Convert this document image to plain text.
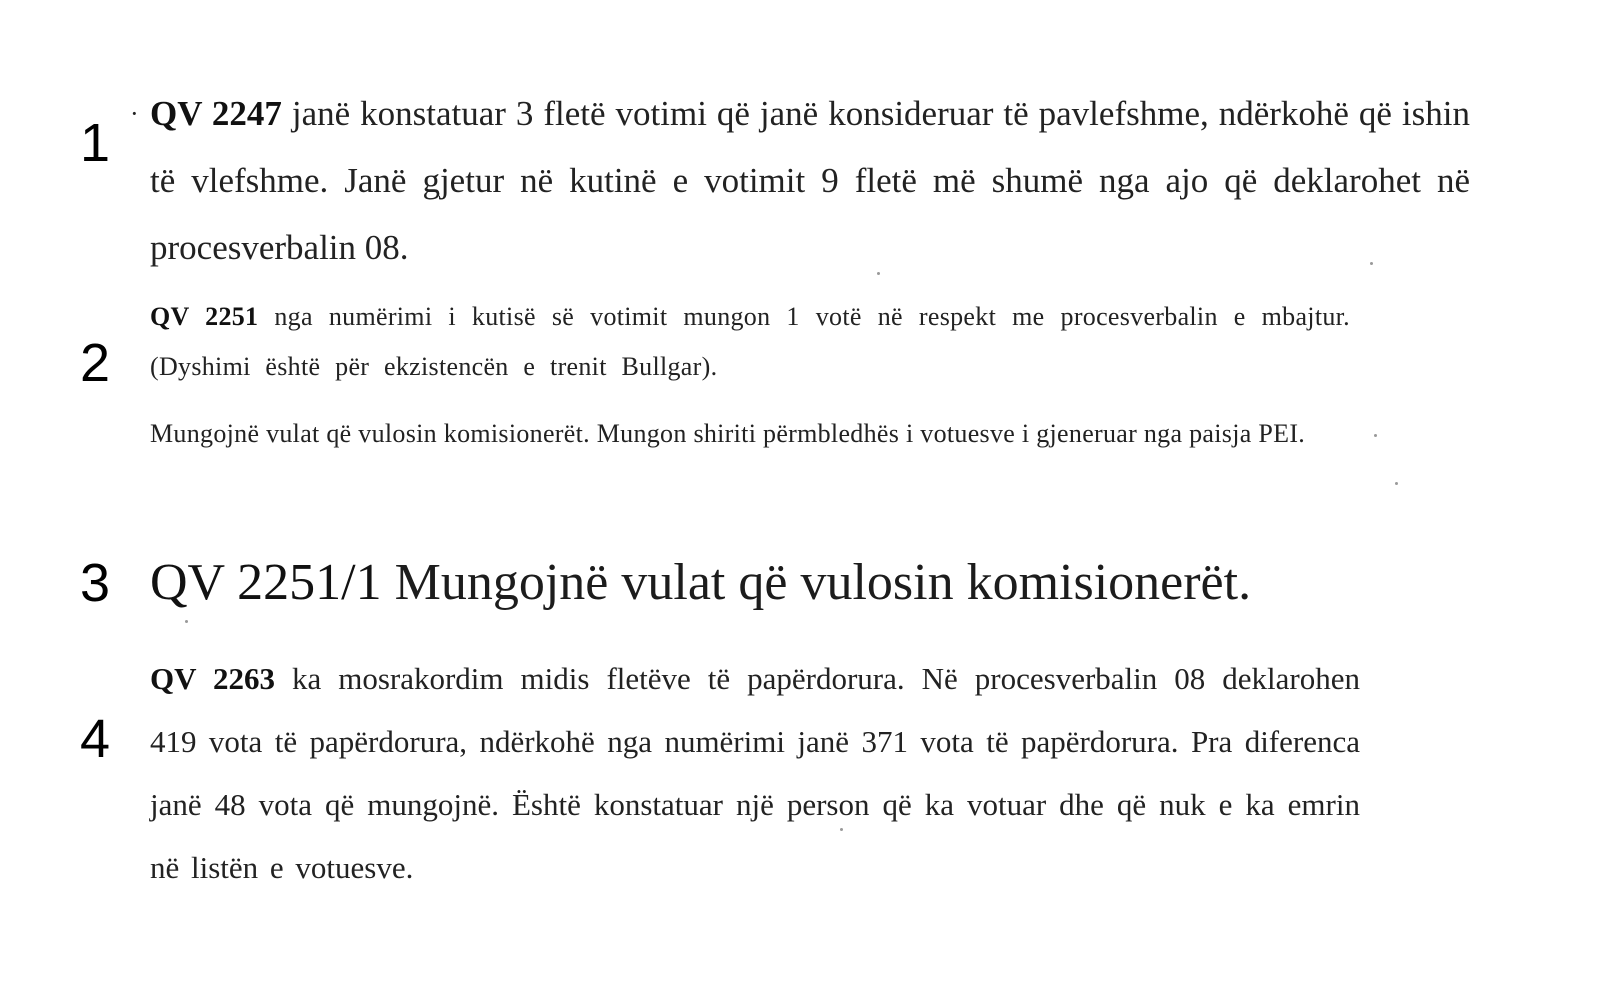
1
2
3
4
· QV 2247 janë konstatuar 3 fletë votimi që janë konsideruar të pavlefshme, ndërkohë që ishin të vlefshme. Janë gjetur në kutinë e votimit 9 fletë më shumë nga ajo që deklarohet në procesverbalin 08.

QV 2251 nga numërimi i kutisë së votimit mungon 1 votë në respekt me procesverbalin e mbajtur. (Dyshimi është për ekzistencën e trenit Bullgar).

Mungojnë vulat që vulosin komisionerët. Mungon shiriti përmbledhës i votuesve i gjeneruar nga paisja PEI.

QV 2251/1 Mungojnë vulat që vulosin komisionerët.

QV 2263 ka mosrakordim midis fletëve të papërdorura. Në procesverbalin 08 deklarohen 419 vota të papërdorura, ndërkohë nga numërimi janë 371 vota të papërdorura. Pra diferenca janë 48 vota që mungojnë. Është konstatuar një person që ka votuar dhe që nuk e ka emrin në listën e votuesve.
